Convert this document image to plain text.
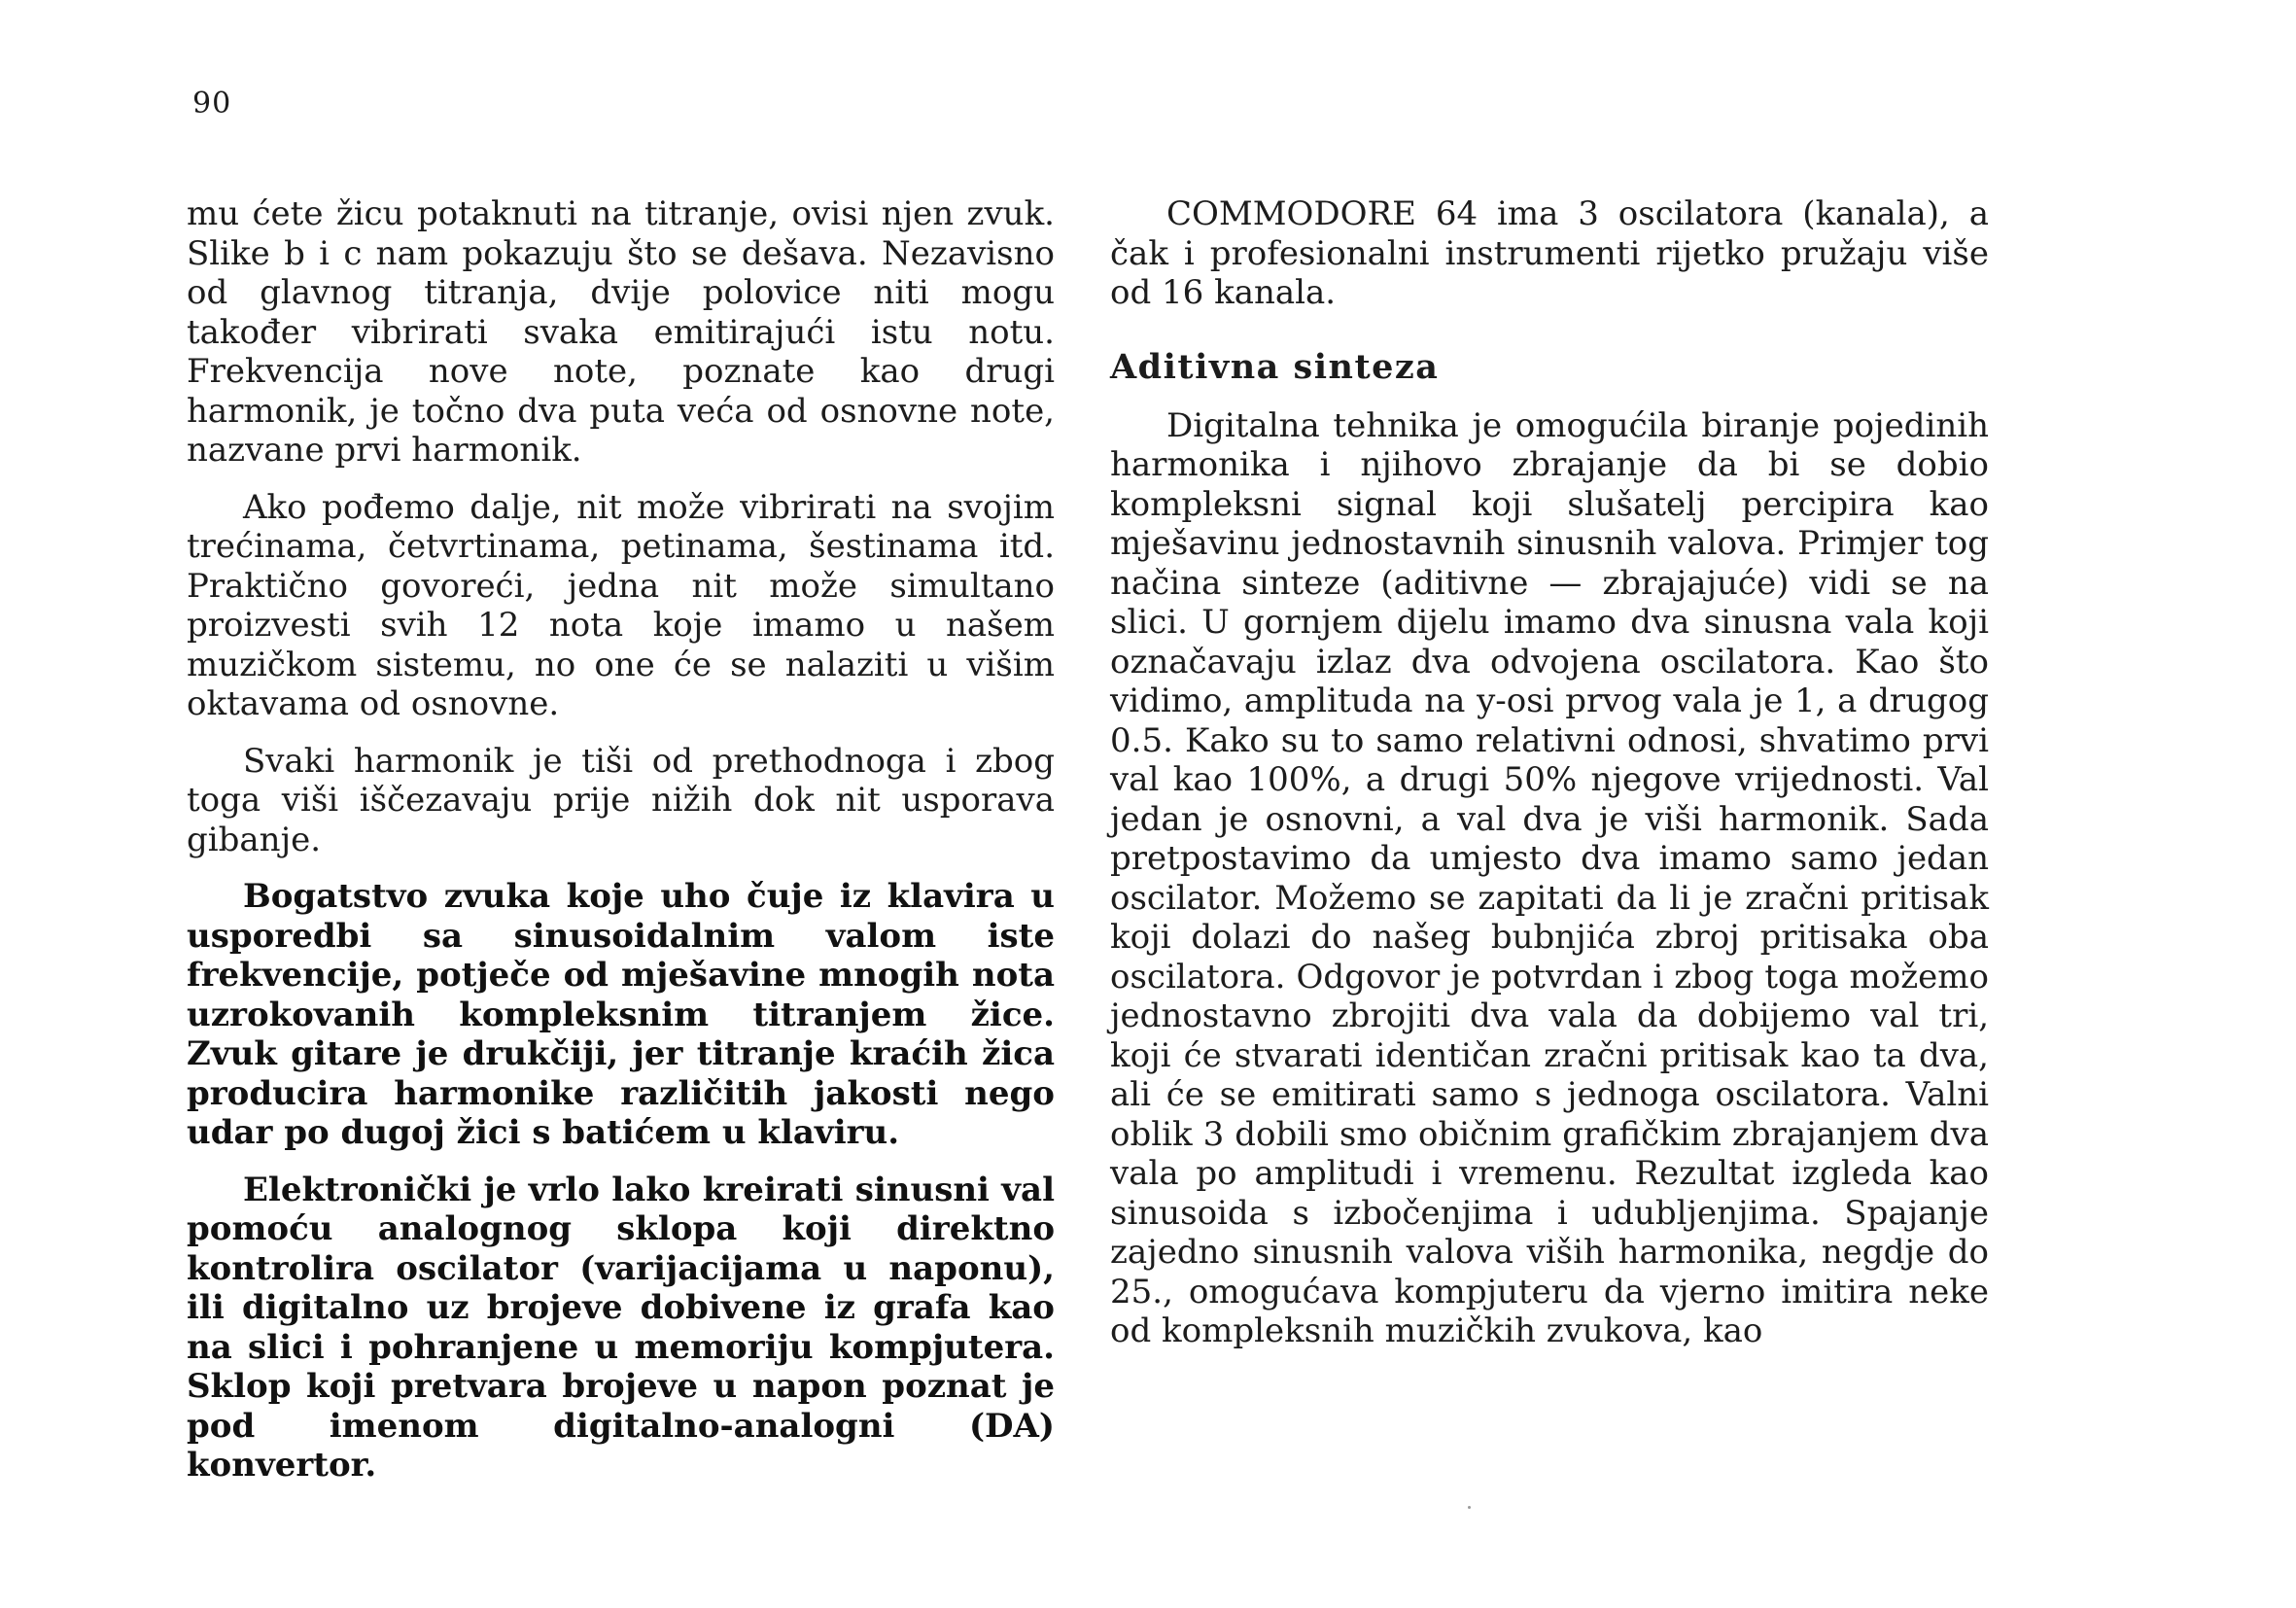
90

mu ćete žicu potaknuti na titranje, ovisi njen zvuk. Slike b i c nam pokazuju što se dešava. Nezavisno od glavnog titranja, dvije polovice niti mogu također vibrirati svaka emitirajući istu notu. Frekvencija nove note, poznate kao drugi harmonik, je točno dva puta veća od osnovne note, nazvane prvi harmonik.

Ako pođemo dalje, nit može vibrirati na svojim trećinama, četvrtinama, petinama, šestinama itd. Praktično govoreći, jedna nit može simultano proizvesti svih 12 nota koje imamo u našem muzičkom sistemu, no one će se nalaziti u višim oktavama od osnovne.

Svaki harmonik je tiši od prethodnoga i zbog toga viši iščezavaju prije nižih dok nit usporava gibanje.

Bogatstvo zvuka koje uho čuje iz klavira u usporedbi sa sinusoidalnim valom iste frekvencije, potječe od mješavine mnogih nota uzrokovanih kompleksnim titranjem žice. Zvuk gitare je drukčiji, jer titranje kraćih žica producira harmonike različitih jakosti nego udar po dugoj žici s batićem u klaviru.

Elektronički je vrlo lako kreirati sinusni val pomoću analognog sklopa koji direktno kontrolira oscilator (varijacijama u naponu), ili digitalno uz brojeve dobivene iz grafa kao na slici i pohranjene u memoriju kompjutera. Sklop koji pretvara brojeve u napon poznat je pod imenom digitalno-analogni (DA) konvertor.

COMMODORE 64 ima 3 oscilatora (kanala), a čak i profesionalni instrumenti rijetko pružaju više od 16 kanala.

Aditivna sinteza

Digitalna tehnika je omogućila biranje pojedinih harmonika i njihovo zbrajanje da bi se dobio kompleksni signal koji slušatelj percipira kao mješavinu jednostavnih sinusnih valova. Primjer tog načina sinteze (aditivne — zbrajajuće) vidi se na slici. U gornjem dijelu imamo dva sinusna vala koji označavaju izlaz dva odvojena oscilatora. Kao što vidimo, amplituda na y-osi prvog vala je 1, a drugog 0.5. Kako su to samo relativni odnosi, shvatimo prvi val kao 100%, a drugi 50% njegove vrijednosti. Val jedan je osnovni, a val dva je viši harmonik. Sada pretpostavimo da umjesto dva imamo samo jedan oscilator. Možemo se zapitati da li je zračni pritisak koji dolazi do našeg bubnjića zbroj pritisaka oba oscilatora. Odgovor je potvrdan i zbog toga možemo jednostavno zbrojiti dva vala da dobijemo val tri, koji će stvarati identičan zračni pritisak kao ta dva, ali će se emitirati samo s jednoga oscilatora. Valni oblik 3 dobili smo običnim grafičkim zbrajanjem dva vala po amplitudi i vremenu. Rezultat izgleda kao sinusoida s izbočenjima i udubljenjima. Spajanje zajedno sinusnih valova viših harmonika, negdje do 25., omogućava kompjuteru da vjerno imitira neke od kompleksnih muzičkih zvukova, kao
